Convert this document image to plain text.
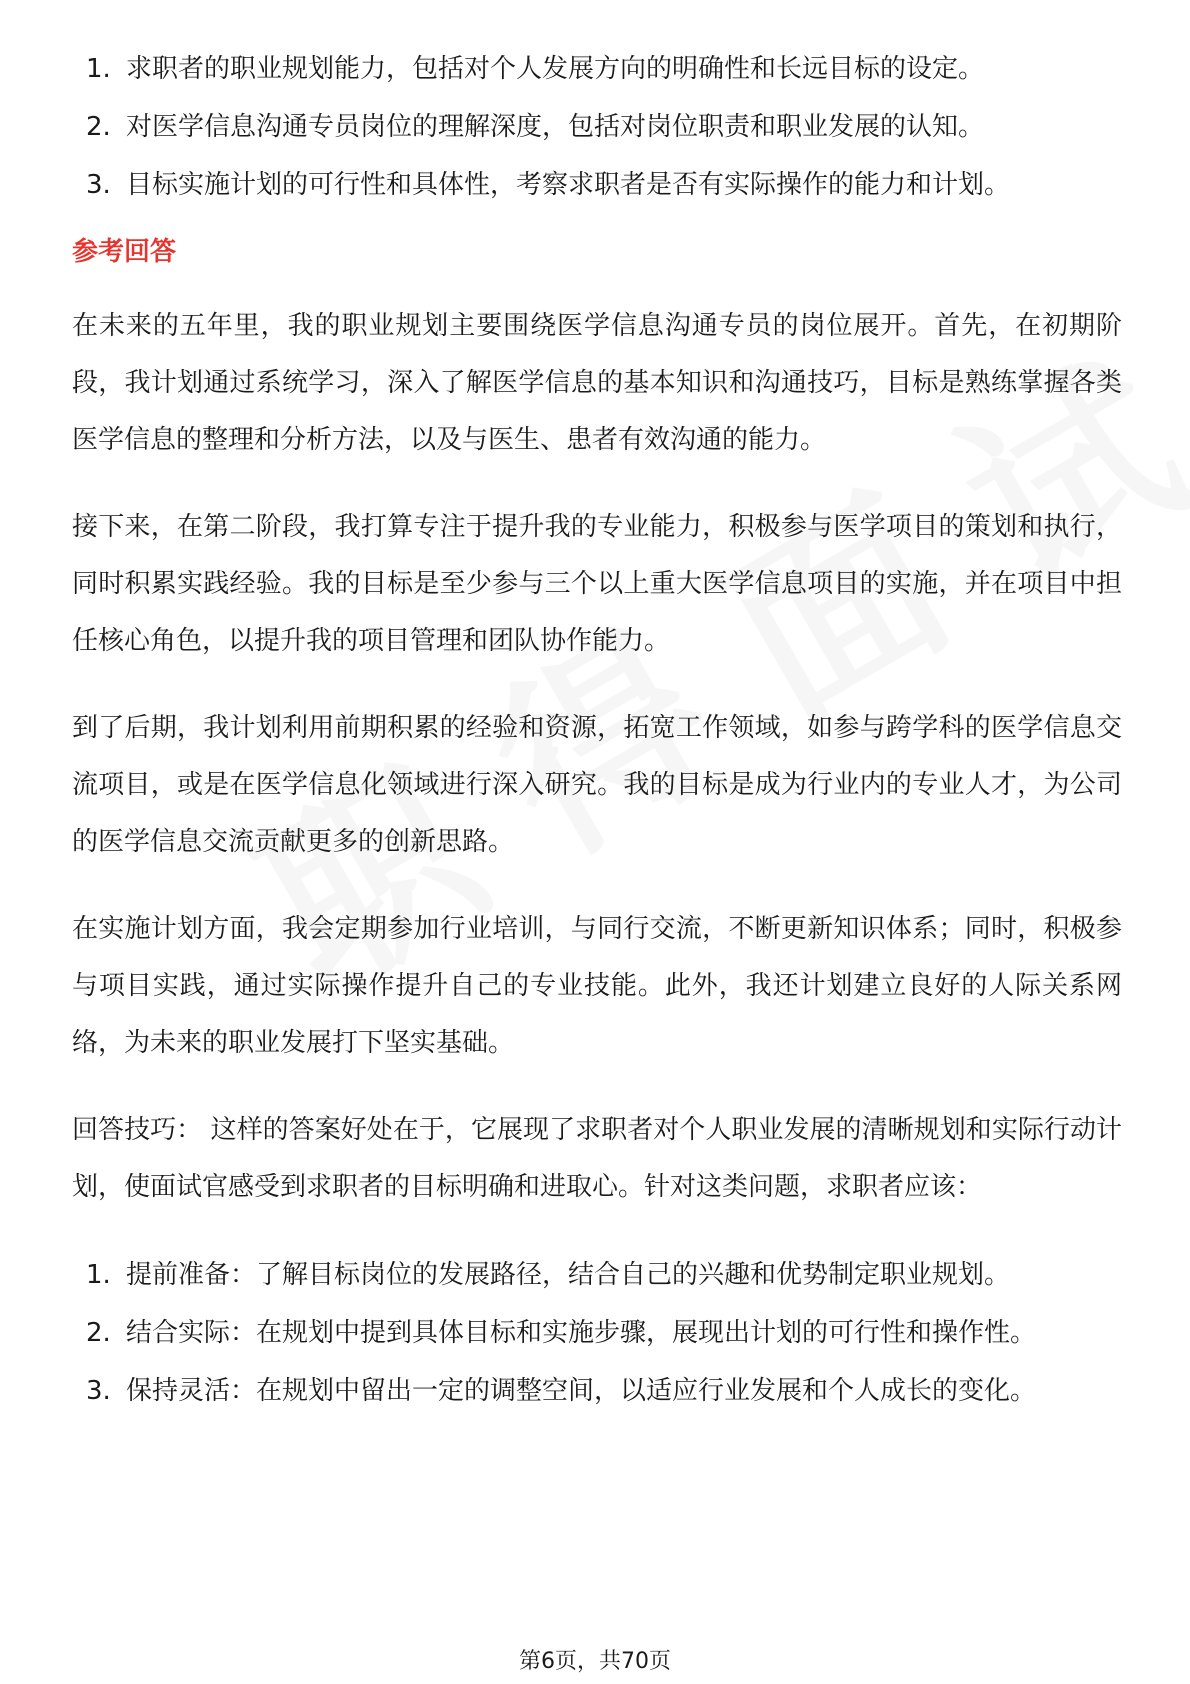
1. 求职者的职业规划能力，包括对个人发展方向的明确性和长远目标的设定。
2. 对医学信息沟通专员岗位的理解深度，包括对岗位职责和职业发展的认知。
3. 目标实施计划的可行性和具体性，考察求职者是否有实际操作的能力和计划。
参考回答

在未来的五年里，我的职业规划主要围绕医学信息沟通专员的岗位展开。首先，在初期阶段，我计划通过系统学习，深入了解医学信息的基本知识和沟通技巧，目标是熟练掌握各类医学信息的整理和分析方法，以及与医生、患者有效沟通的能力。

接下来，在第二阶段，我打算专注于提升我的专业能力，积极参与医学项目的策划和执行，同时积累实践经验。我的目标是至少参与三个以上重大医学信息项目的实施，并在项目中担任核心角色，以提升我的项目管理和团队协作能力。

到了后期，我计划利用前期积累的经验和资源，拓宽工作领域，如参与跨学科的医学信息交流项目，或是在医学信息化领域进行深入研究。我的目标是成为行业内的专业人才，为公司的医学信息交流贡献更多的创新思路。

在实施计划方面，我会定期参加行业培训，与同行交流，不断更新知识体系；同时，积极参与项目实践，通过实际操作提升自己的专业技能。此外，我还计划建立良好的人际关系网络，为未来的职业发展打下坚实基础。

回答技巧： 这样的答案好处在于，它展现了求职者对个人职业发展的清晰规划和实际行动计划，使面试官感受到求职者的目标明确和进取心。针对这类问题，求职者应该：

1. 提前准备：了解目标岗位的发展路径，结合自己的兴趣和优势制定职业规划。
2. 结合实际：在规划中提到具体目标和实施步骤，展现出计划的可行性和操作性。
3. 保持灵活：在规划中留出一定的调整空间，以适应行业发展和个人成长的变化。
第6页，共70页
